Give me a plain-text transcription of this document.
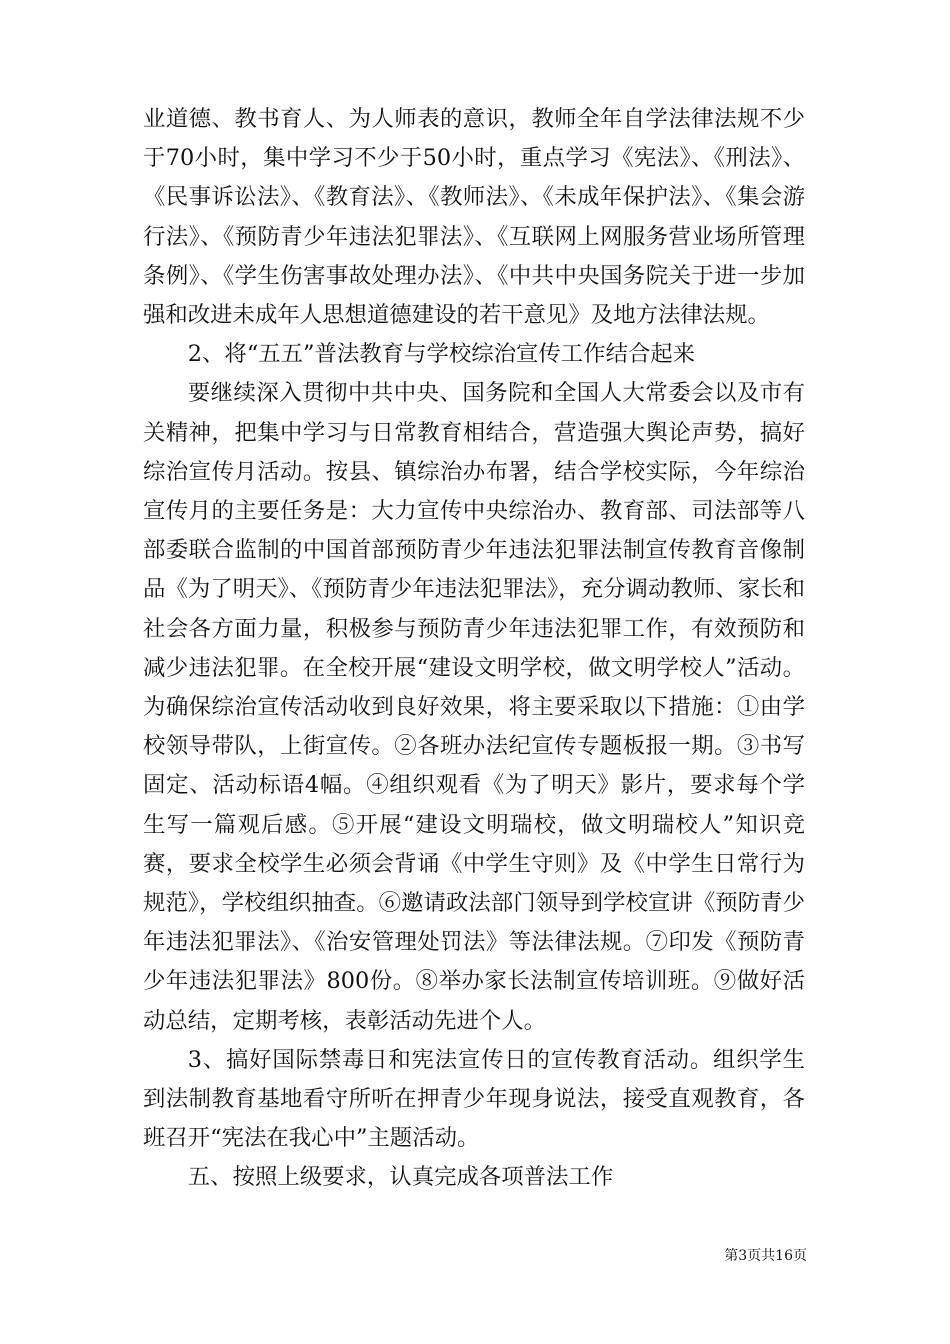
业道德、教书育人、为人师表的意识，教师全年自学法律法规不少于70小时，集中学习不少于50小时，重点学习《宪法》、《刑法》、《民事诉讼法》、《教育法》、《教师法》、《未成年保护法》、《集会游行法》、《预防青少年违法犯罪法》、《互联网上网服务营业场所管理条例》、《学生伤害事故处理办法》、《中共中央国务院关于进一步加强和改进未成年人思想道德建设的若干意见》及地方法律法规。

2、将“五五”普法教育与学校综治宣传工作结合起来

要继续深入贯彻中共中央、国务院和全国人大常委会以及市有关精神，把集中学习与日常教育相结合，营造强大舆论声势，搞好综治宣传月活动。按县、镇综治办布署，结合学校实际，今年综治宣传月的主要任务是：大力宣传中央综治办、教育部、司法部等八部委联合监制的中国首部预防青少年违法犯罪法制宣传教育音像制品《为了明天》、《预防青少年违法犯罪法》，充分调动教师、家长和社会各方面力量，积极参与预防青少年违法犯罪工作，有效预防和减少违法犯罪。在全校开展“建设文明学校，做文明学校人”活动。为确保综治宣传活动收到良好效果，将主要采取以下措施：①由学校领导带队，上街宣传。②各班办法纪宣传专题板报一期。③书写固定、活动标语4幅。④组织观看《为了明天》影片，要求每个学生写一篇观后感。⑤开展“建设文明瑞校，做文明瑞校人”知识竞赛，要求全校学生必须会背诵《中学生守则》及《中学生日常行为规范》，学校组织抽查。⑥邀请政法部门领导到学校宣讲《预防青少年违法犯罪法》、《治安管理处罚法》等法律法规。⑦印发《预防青少年违法犯罪法》800份。⑧举办家长法制宣传培训班。⑨做好活动总结，定期考核，表彰活动先进个人。

3、搞好国际禁毒日和宪法宣传日的宣传教育活动。组织学生到法制教育基地看守所听在押青少年现身说法，接受直观教育，各班召开“宪法在我心中”主题活动。

五、按照上级要求，认真完成各项普法工作

第3页共16页
